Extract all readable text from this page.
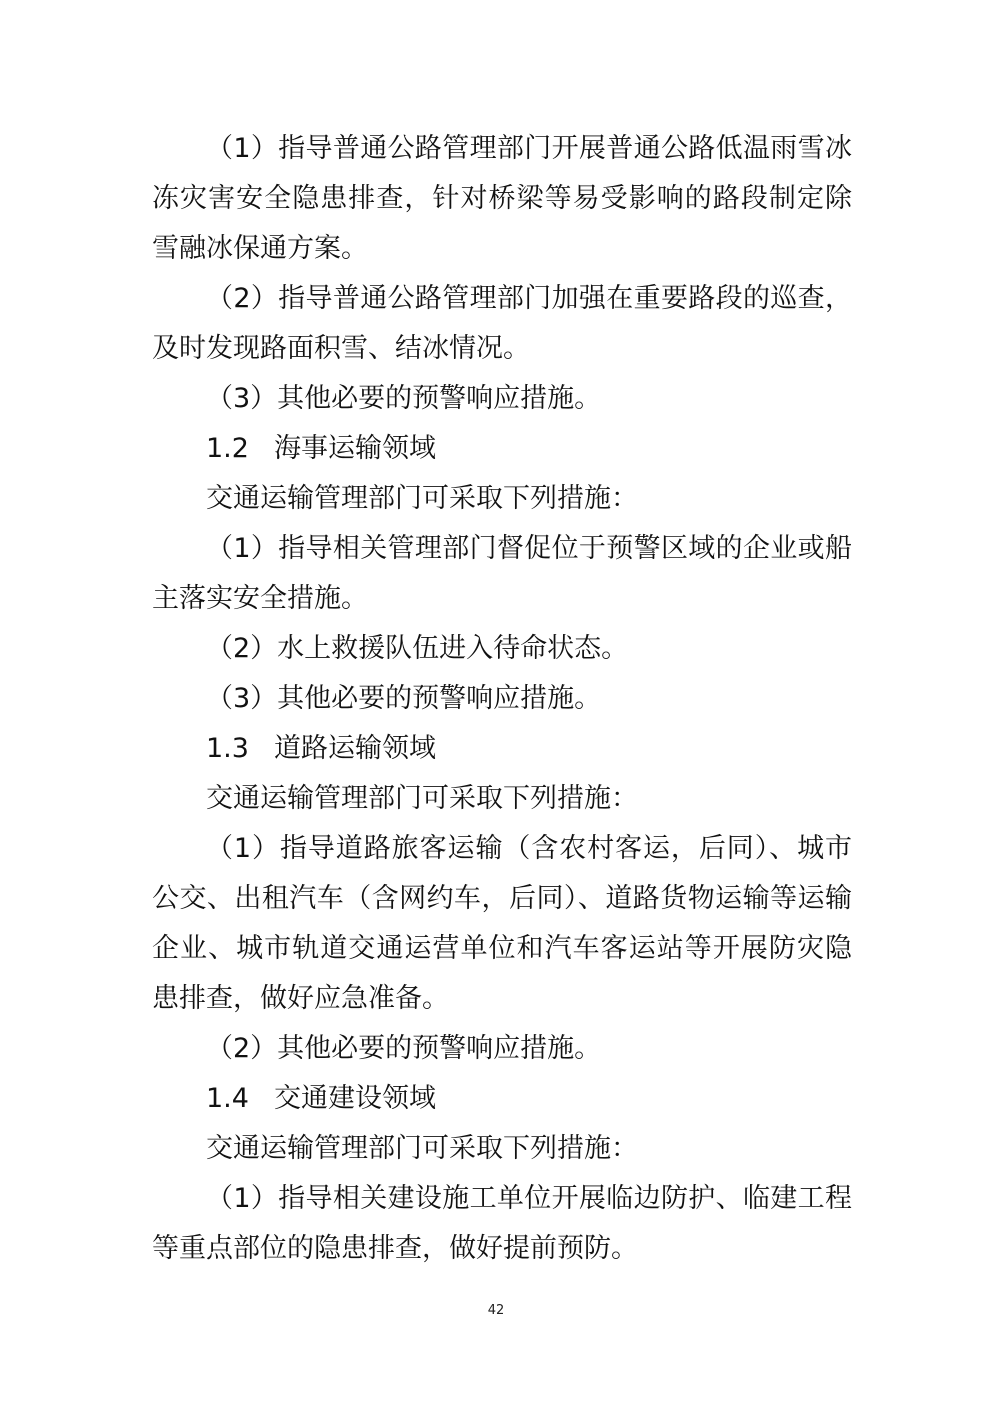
（1）指导普通公路管理部门开展普通公路低温雨雪冰冻灾害安全隐患排查，针对桥梁等易受影响的路段制定除雪融冰保通方案。

（2）指导普通公路管理部门加强在重要路段的巡查，及时发现路面积雪、结冰情况。

（3）其他必要的预警响应措施。

1.2 海事运输领域

交通运输管理部门可采取下列措施：

（1）指导相关管理部门督促位于预警区域的企业或船主落实安全措施。

（2）水上救援队伍进入待命状态。

（3）其他必要的预警响应措施。

1.3 道路运输领域

交通运输管理部门可采取下列措施：

（1）指导道路旅客运输（含农村客运，后同）、城市公交、出租汽车（含网约车，后同）、道路货物运输等运输企业、城市轨道交通运营单位和汽车客运站等开展防灾隐患排查，做好应急准备。

（2）其他必要的预警响应措施。

1.4 交通建设领域

交通运输管理部门可采取下列措施：

（1）指导相关建设施工单位开展临边防护、临建工程等重点部位的隐患排查，做好提前预防。

42
